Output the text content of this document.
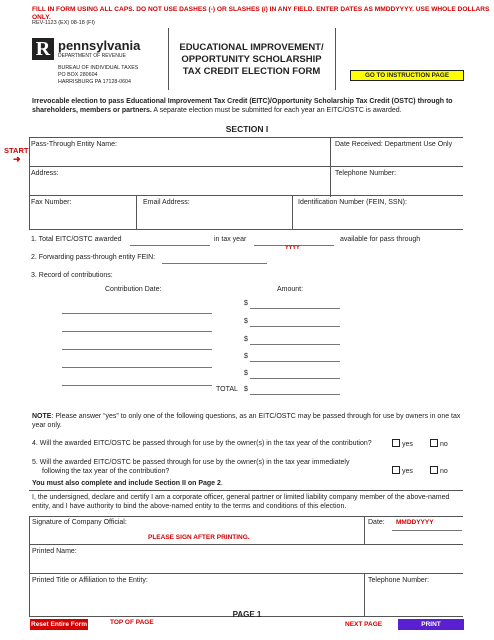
FILL IN FORM USING ALL CAPS. DO NOT USE DASHES (-) OR SLASHES (/) IN ANY FIELD. ENTER DATES AS MMDDYYYY. USE WHOLE DOLLARS ONLY.
REV-1123 (EX) 08-18 (FI)
R pennsylvania
DEPARTMENT OF REVENUE
BUREAU OF INDIVIDUAL TAXES
PO BOX 280604
HARRISBURG PA 17128-0604
EDUCATIONAL IMPROVEMENT/
OPPORTUNITY SCHOLARSHIP
TAX CREDIT ELECTION FORM	GO TO INSTRUCTION PAGE
Irrevocable election to pass Educational Improvement Tax Credit (EITC)/Opportunity Scholarship Tax Credit (OSTC) through to shareholders, members or partners. A separate election must be submitted for each year an EITC/OSTC is awarded.
SECTION I
START
➜
Pass-Through Entity Name:	Date Received: Department Use Only
Address:	Telephone Number:
Fax Number:	Email Address:	Identification Number (FEIN, SSN):
1. Total EITC/OSTC awarded	in tax year
YYYY
available for pass through
2. Forwarding pass-through entity FEIN:
3. Record of contributions:
Contribution Date:	Amount:
$
$
$
$
$
TOTAL $
NOTE: Please answer “yes” to only one of the following questions, as an EITC/OSTC may be passed through for use by owners in one tax year only.
4. Will the awarded EITC/OSTC be passed through for use by the owner(s) in the tax year of the contribution?	yes	no
5. Will the awarded EITC/OSTC be passed through for use by the owner(s) in the tax year immediately
following the tax year of the contribution?	yes	no
You must also complete and include Section II on Page 2.
I, the undersigned, declare and certify I am a corporate officer, general partner or limited liability company member of the above-named entity, and I have authority to bind the above-named entity to the terms and conditions of this election.
Signature of Company Official:
PLEASE SIGN AFTER PRINTING.
Date: MMDDYYYY
Printed Name:
Printed Title or Affiliation to the Entity:	Telephone Number:
PAGE 1
Reset Entire Form	TOP OF PAGE	NEXT PAGE	PRINT
